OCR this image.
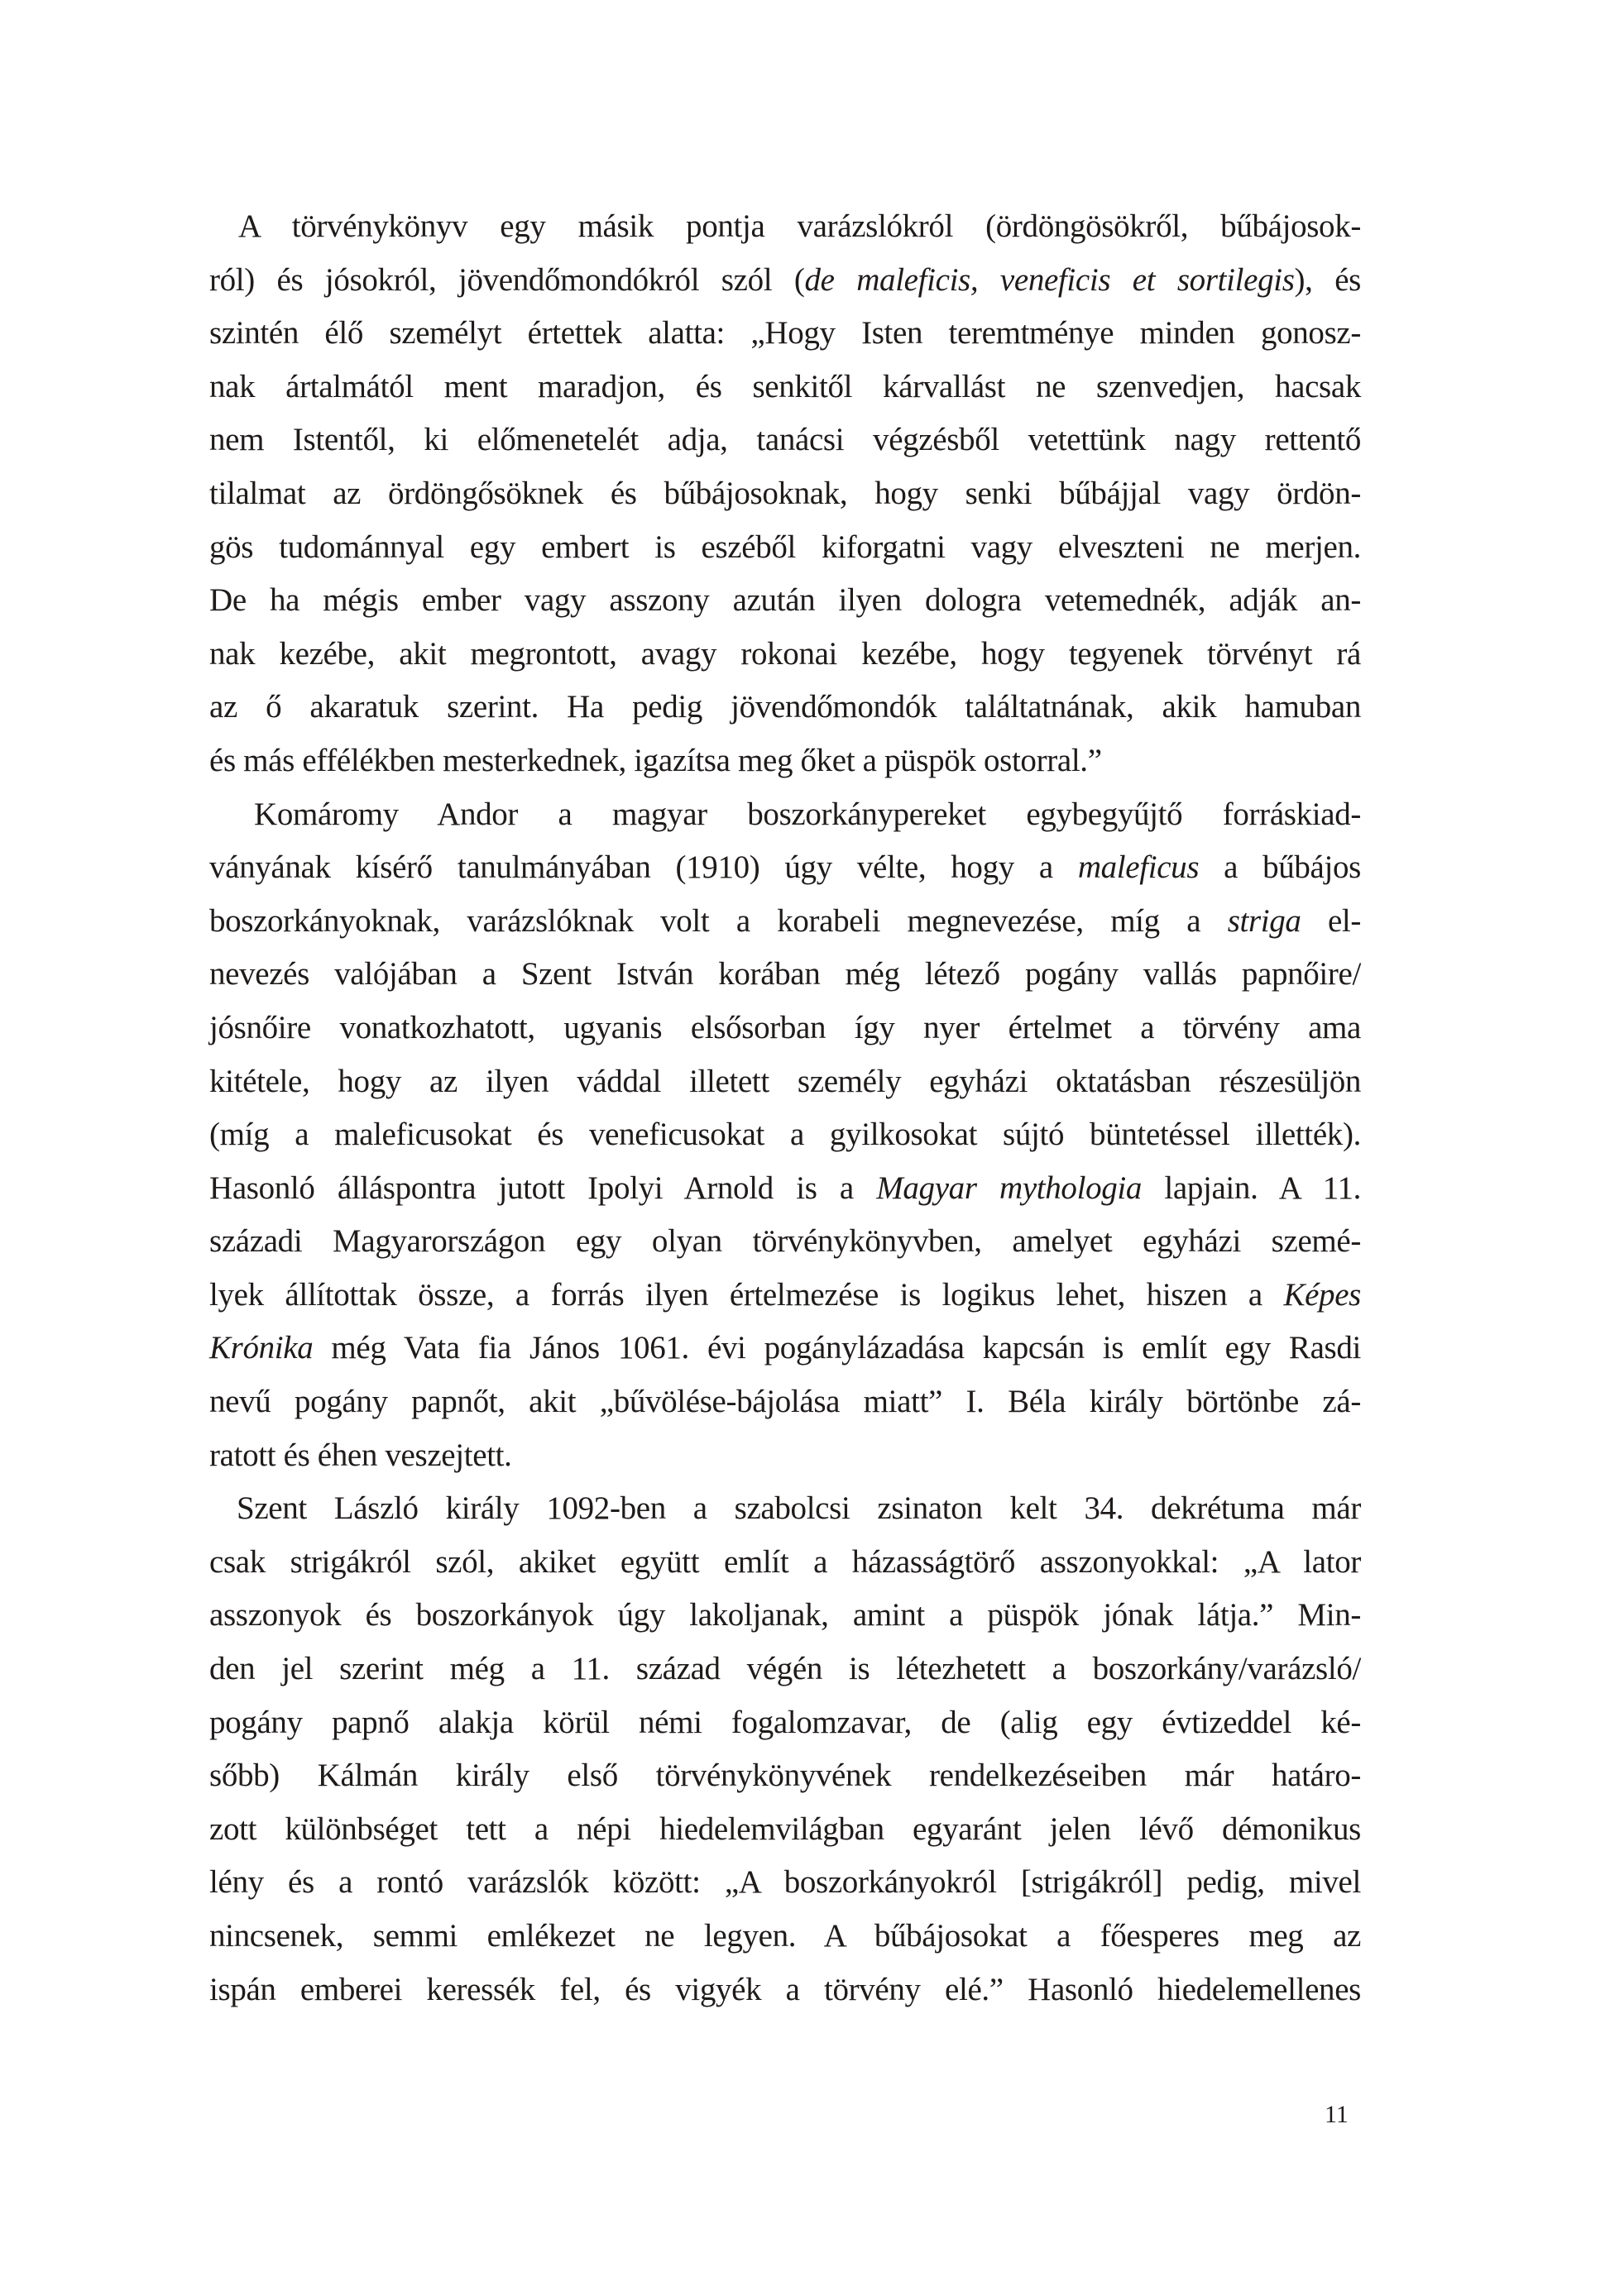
A törvénykönyv egy másik pontja varázslókról (ördöngösökről, bűbájosok-
ról) és jósokról, jövendőmondókról szól (de maleficis, veneficis et sortilegis), és
szintén élő személyt értettek alatta: „Hogy Isten teremtménye minden gonosz-
nak ártalmától ment maradjon, és senkitől kárvallást ne szenvedjen, hacsak
nem Istentől, ki előmenetelét adja, tanácsi végzésből vetettünk nagy rettentő
tilalmat az ördöngősöknek és bűbájosoknak, hogy senki bűbájjal vagy ördön-
gös tudománnyal egy embert is eszéből kiforgatni vagy elveszteni ne merjen.
De ha mégis ember vagy asszony azután ilyen dologra vetemednék, adják an-
nak kezébe, akit megrontott, avagy rokonai kezébe, hogy tegyenek törvényt rá
az ő akaratuk szerint. Ha pedig jövendőmondók találtatnának, akik hamuban
és más effélékben mesterkednek, igazítsa meg őket a püspök ostorral.”
Komáromy Andor a magyar boszorkánypereket egybegyűjtő forráskiad-
ványának kísérő tanulmányában (1910) úgy vélte, hogy a maleficus a bűbájos
boszorkányoknak, varázslóknak volt a korabeli megnevezése, míg a striga el-
nevezés valójában a Szent István korában még létező pogány vallás papnőire/
jósnőire vonatkozhatott, ugyanis elsősorban így nyer értelmet a törvény ama
kitétele, hogy az ilyen váddal illetett személy egyházi oktatásban részesüljön
(míg a maleficusokat és veneficusokat a gyilkosokat sújtó büntetéssel illették).
Hasonló álláspontra jutott Ipolyi Arnold is a Magyar mythologia lapjain. A 11.
századi Magyarországon egy olyan törvénykönyvben, amelyet egyházi szemé-
lyek állítottak össze, a forrás ilyen értelmezése is logikus lehet, hiszen a Képes
Krónika még Vata fia János 1061. évi pogánylázadása kapcsán is említ egy Rasdi
nevű pogány papnőt, akit „bűvölése-bájolása miatt” I. Béla király börtönbe zá-
ratott és éhen veszejtett.
Szent László király 1092-ben a szabolcsi zsinaton kelt 34. dekrétuma már
csak strigákról szól, akiket együtt említ a házasságtörő asszonyokkal: „A lator
asszonyok és boszorkányok úgy lakoljanak, amint a püspök jónak látja.” Min-
den jel szerint még a 11. század végén is létezhetett a boszorkány/varázsló/
pogány papnő alakja körül némi fogalomzavar, de (alig egy évtizeddel ké-
sőbb) Kálmán király első törvénykönyvének rendelkezéseiben már határo-
zott különbséget tett a népi hiedelemvilágban egyaránt jelen lévő démonikus
lény és a rontó varázslók között: „A boszorkányokról [strigákról] pedig, mivel
nincsenek, semmi emlékezet ne legyen. A bűbájosokat a főesperes meg az
ispán emberei keressék fel, és vigyék a törvény elé.” Hasonló hiedelemellenes
11
